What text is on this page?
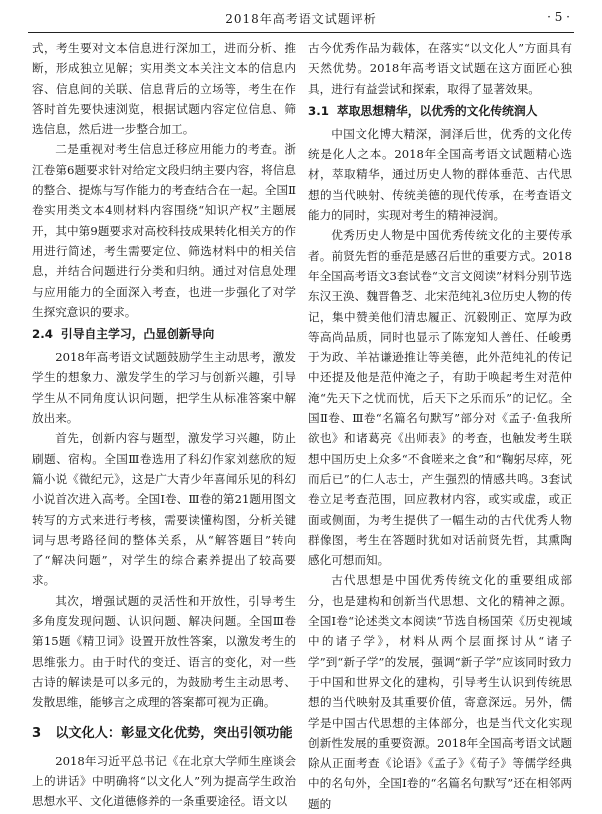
2018年高考语文试题评析	· 5 ·

式，考生要对文本信息进行深加工，进而分析、推断，形成独立见解；实用类文本关注文本的信息内容、信息间的关联、信息背后的立场等，考生在作答时首先要快速浏览，根据试题内容定位信息、筛选信息，然后进一步整合加工。

二是重视对考生信息迁移应用能力的考查。浙江卷第6题要求针对给定文段归纳主要内容，将信息的整合、提炼与写作能力的考查结合在一起。全国Ⅱ卷实用类文本4则材料内容围绕“知识产权”主题展开，其中第9题要求对高校科技成果转化相关方的作用进行简述，考生需要定位、筛选材料中的相关信息，并结合问题进行分类和归纳。通过对信息处理与应用能力的全面深入考查，也进一步强化了对学生探究意识的要求。

2.4 引导自主学习，凸显创新导向

2018年高考语文试题鼓励学生主动思考，激发学生的想象力、激发学生的学习与创新兴趣，引导学生从不同角度认识问题，把学生从标准答案中解放出来。

首先，创新内容与题型，激发学习兴趣，防止刷题、宿构。全国Ⅲ卷选用了科幻作家刘慈欣的短篇小说《微纪元》，这是广大青少年喜闻乐见的科幻小说首次进入高考。全国Ⅰ卷、Ⅲ卷的第21题用图文转写的方式来进行考核，需要读懂构图，分析关键词与思考路径间的整体关系，从“解答题目”转向了“解决问题”，对学生的综合素养提出了较高要求。

其次，增强试题的灵活性和开放性，引导考生多角度发现问题、认识问题、解决问题。全国Ⅲ卷第15题《精卫词》设置开放性答案，以激发考生的思维张力。由于时代的变迁、语言的变化，对一些古诗的解读是可以多元的，为鼓励考生主动思考、发散思维，能够言之成理的答案都可视为正确。

3 以文化人：彰显文化优势，突出引领功能

2018年习近平总书记《在北京大学师生座谈会上的讲话》中明确将“以文化人”列为提高学生政治思想水平、文化道德修养的一条重要途径。语文以

古今优秀作品为载体，在落实“以文化人”方面具有天然优势。2018年高考语文试题在这方面匠心独具，进行有益尝试和探索，取得了显著效果。

3.1 萃取思想精华，以优秀的文化传统润人

中国文化博大精深，洞泽后世，优秀的文化传统是化人之本。2018年全国高考语文试题精心选材，萃取精华，通过历史人物的群体垂范、古代思想的当代映射、传统美德的现代传承，在考查语文能力的同时，实现对考生的精神浸润。

优秀历史人物是中国优秀传统文化的主要传承者。前贤先哲的垂范是感召后世的重要方式。2018年全国高考语文3套试卷“文言文阅读”材料分别节选东汉王涣、魏晋鲁芝、北宋范纯礼3位历史人物的传记，集中赞美他们清忠履正、沉毅刚正、宽厚为政等高尚品质，同时也显示了陈宠知人善任、任峻勇于为政、羊祜谦逊推让等美德，此外范纯礼的传记中还提及他是范仲淹之子，有助于唤起考生对范仲淹“先天下之忧而忧，后天下之乐而乐”的记忆。全国Ⅱ卷、Ⅲ卷“名篇名句默写”部分对《孟子·鱼我所欲也》和诸葛亮《出师表》的考查，也触发考生联想中国历史上众多“不食嗟来之食”和“鞠躬尽瘁，死而后已”的仁人志士，产生强烈的情感共鸣。3套试卷立足考查范围，回应教材内容，或实或虚，或正面或侧面，为考生提供了一幅生动的古代优秀人物群像图，考生在答题时犹如对话前贤先哲，其熏陶感化可想而知。

古代思想是中国优秀传统文化的重要组成部分，也是建构和创新当代思想、文化的精神之源。全国Ⅰ卷“论述类文本阅读”节选自杨国荣《历史视域中的诸子学》，材料从两个层面探讨从“诸子学”到“新子学”的发展，强调“新子学”应该同时致力于中国和世界文化的建构，引导考生认识到传统思想的当代映射及其重要价值，寄意深远。另外，儒学是中国古代思想的主体部分，也是当代文化实现创新性发展的重要资源。2018年全国高考语文试题除从正面考查《论语》《孟子》《荀子》等儒学经典中的名句外，全国Ⅰ卷的“名篇名句默写”还在相邻两题的
